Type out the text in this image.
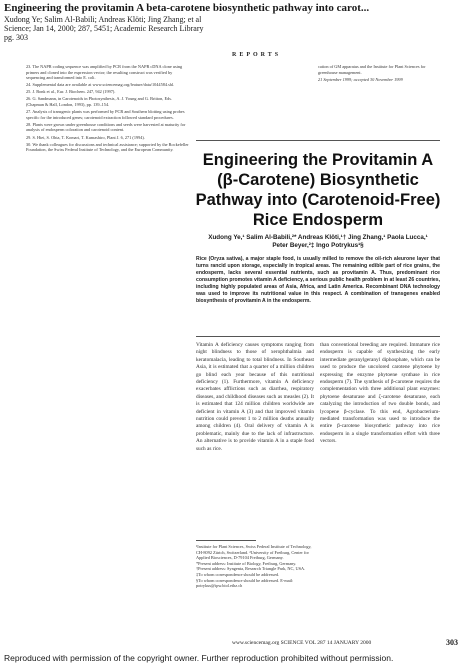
Engineering the provitamin A beta-carotene biosynthetic pathway into carot...
Xudong Ye; Salim Al-Babili; Andreas Klöti; Jing Zhang; et al
Science; Jan 14, 2000; 287, 5451; Academic Research Library
pg. 303
REPORTS

23. The NAPR coding sequence was amplified by PCR from the NAPR cDNA clone using primers and cloned into the expression vector; the resulting construct was verified by sequencing and transformed into E. coli.

24. Supplemental data are available at www.sciencemag.org/feature/data/1044584.shl.

25. J. Bonk et al., Eur. J. Biochem. 247, 942 (1997).

26. G. Sandmann, in Carotenoids in Photosynthesis, A. J. Young and G. Britton, Eds. (Chapman & Hall, London, 1993), pp. 139–154.

27. Analysis of transgenic plants was performed by PCR and Southern blotting using probes specific for the introduced genes; carotenoid extraction followed standard procedures.

28. Plants were grown under greenhouse conditions and seeds were harvested at maturity for analysis of endosperm coloration and carotenoid content.

29. S. Hiei, S. Ohta, T. Komari, T. Kumashiro, Plant J. 6, 271 (1994).

30. We thank colleagues for discussions and technical assistance; supported by the Rockefeller Foundation, the Swiss Federal Institute of Technology, and the European Community.

cation of GM apparatus and the Institute for Plant Sciences for greenhouse management.

21 September 1999; accepted 30 November 1999

Engineering the Provitamin A (β-Carotene) Biosynthetic Pathway into (Carotenoid-Free) Rice Endosperm
Xudong Ye,¹ Salim Al-Babili,²* Andreas Klöti,¹† Jing Zhang,¹ Paola Lucca,¹ Peter Beyer,²‡ Ingo Potrykus¹§
Rice (Oryza sativa), a major staple food, is usually milled to remove the oil-rich aleurone layer that turns rancid upon storage, especially in tropical areas. The remaining edible part of rice grains, the endosperm, lacks several essential nutrients, such as provitamin A. Thus, predominant rice consumption promotes vitamin A deficiency, a serious public health problem in at least 26 countries, including highly populated areas of Asia, Africa, and Latin America. Recombinant DNA technology was used to improve its nutritional value in this respect. A combination of transgenes enabled biosynthesis of provitamin A in the endosperm.
Vitamin A deficiency causes symptoms ranging from night blindness to those of xerophthalmia and keratomalacia, leading to total blindness. In Southeast Asia, it is estimated that a quarter of a million children go blind each year because of this nutritional deficiency (1). Furthermore, vitamin A deficiency exacerbates afflictions such as diarrhea, respiratory diseases, and childhood diseases such as measles (2). It is estimated that 124 million children worldwide are deficient in vitamin A (3) and that improved vitamin nutrition could prevent 1 to 2 million deaths annually among children (4). Oral delivery of vitamin A is problematic, mainly due to the lack of infrastructure. An alternative is to provide vitamin A in a staple food such as rice.
than conventional breeding are required. Immature rice endosperm is capable of synthesizing the early intermediate geranylgeranyl diphosphate, which can be used to produce the uncolored carotene phytoene by expressing the enzyme phytoene synthase in rice endosperm (7). The synthesis of β-carotene requires the complementation with three additional plant enzymes: phytoene desaturase and ζ-carotene desaturase, each catalyzing the introduction of two double bonds, and lycopene β-cyclase. To this end, Agrobacterium-mediated transformation was used to introduce the entire β-carotene biosynthetic pathway into rice endosperm in a single transformation effort with three vectors.
¹Institute for Plant Sciences, Swiss Federal Institute of Technology, CH-8092 Zürich, Switzerland. ²University of Freiburg, Center for Applied Biosciences, D-79104 Freiburg, Germany.
*Present address: Institute of Biology, Freiburg, Germany.
†Present address: Syngenta, Research Triangle Park, NC, USA.
‡To whom correspondence should be addressed.
§To whom correspondence should be addressed. E-mail: potrykus@ipw.biol.ethz.ch
www.sciencemag.org SCIENCE VOL 287 14 JANUARY 2000	303
Reproduced with permission of the copyright owner. Further reproduction prohibited without permission.
